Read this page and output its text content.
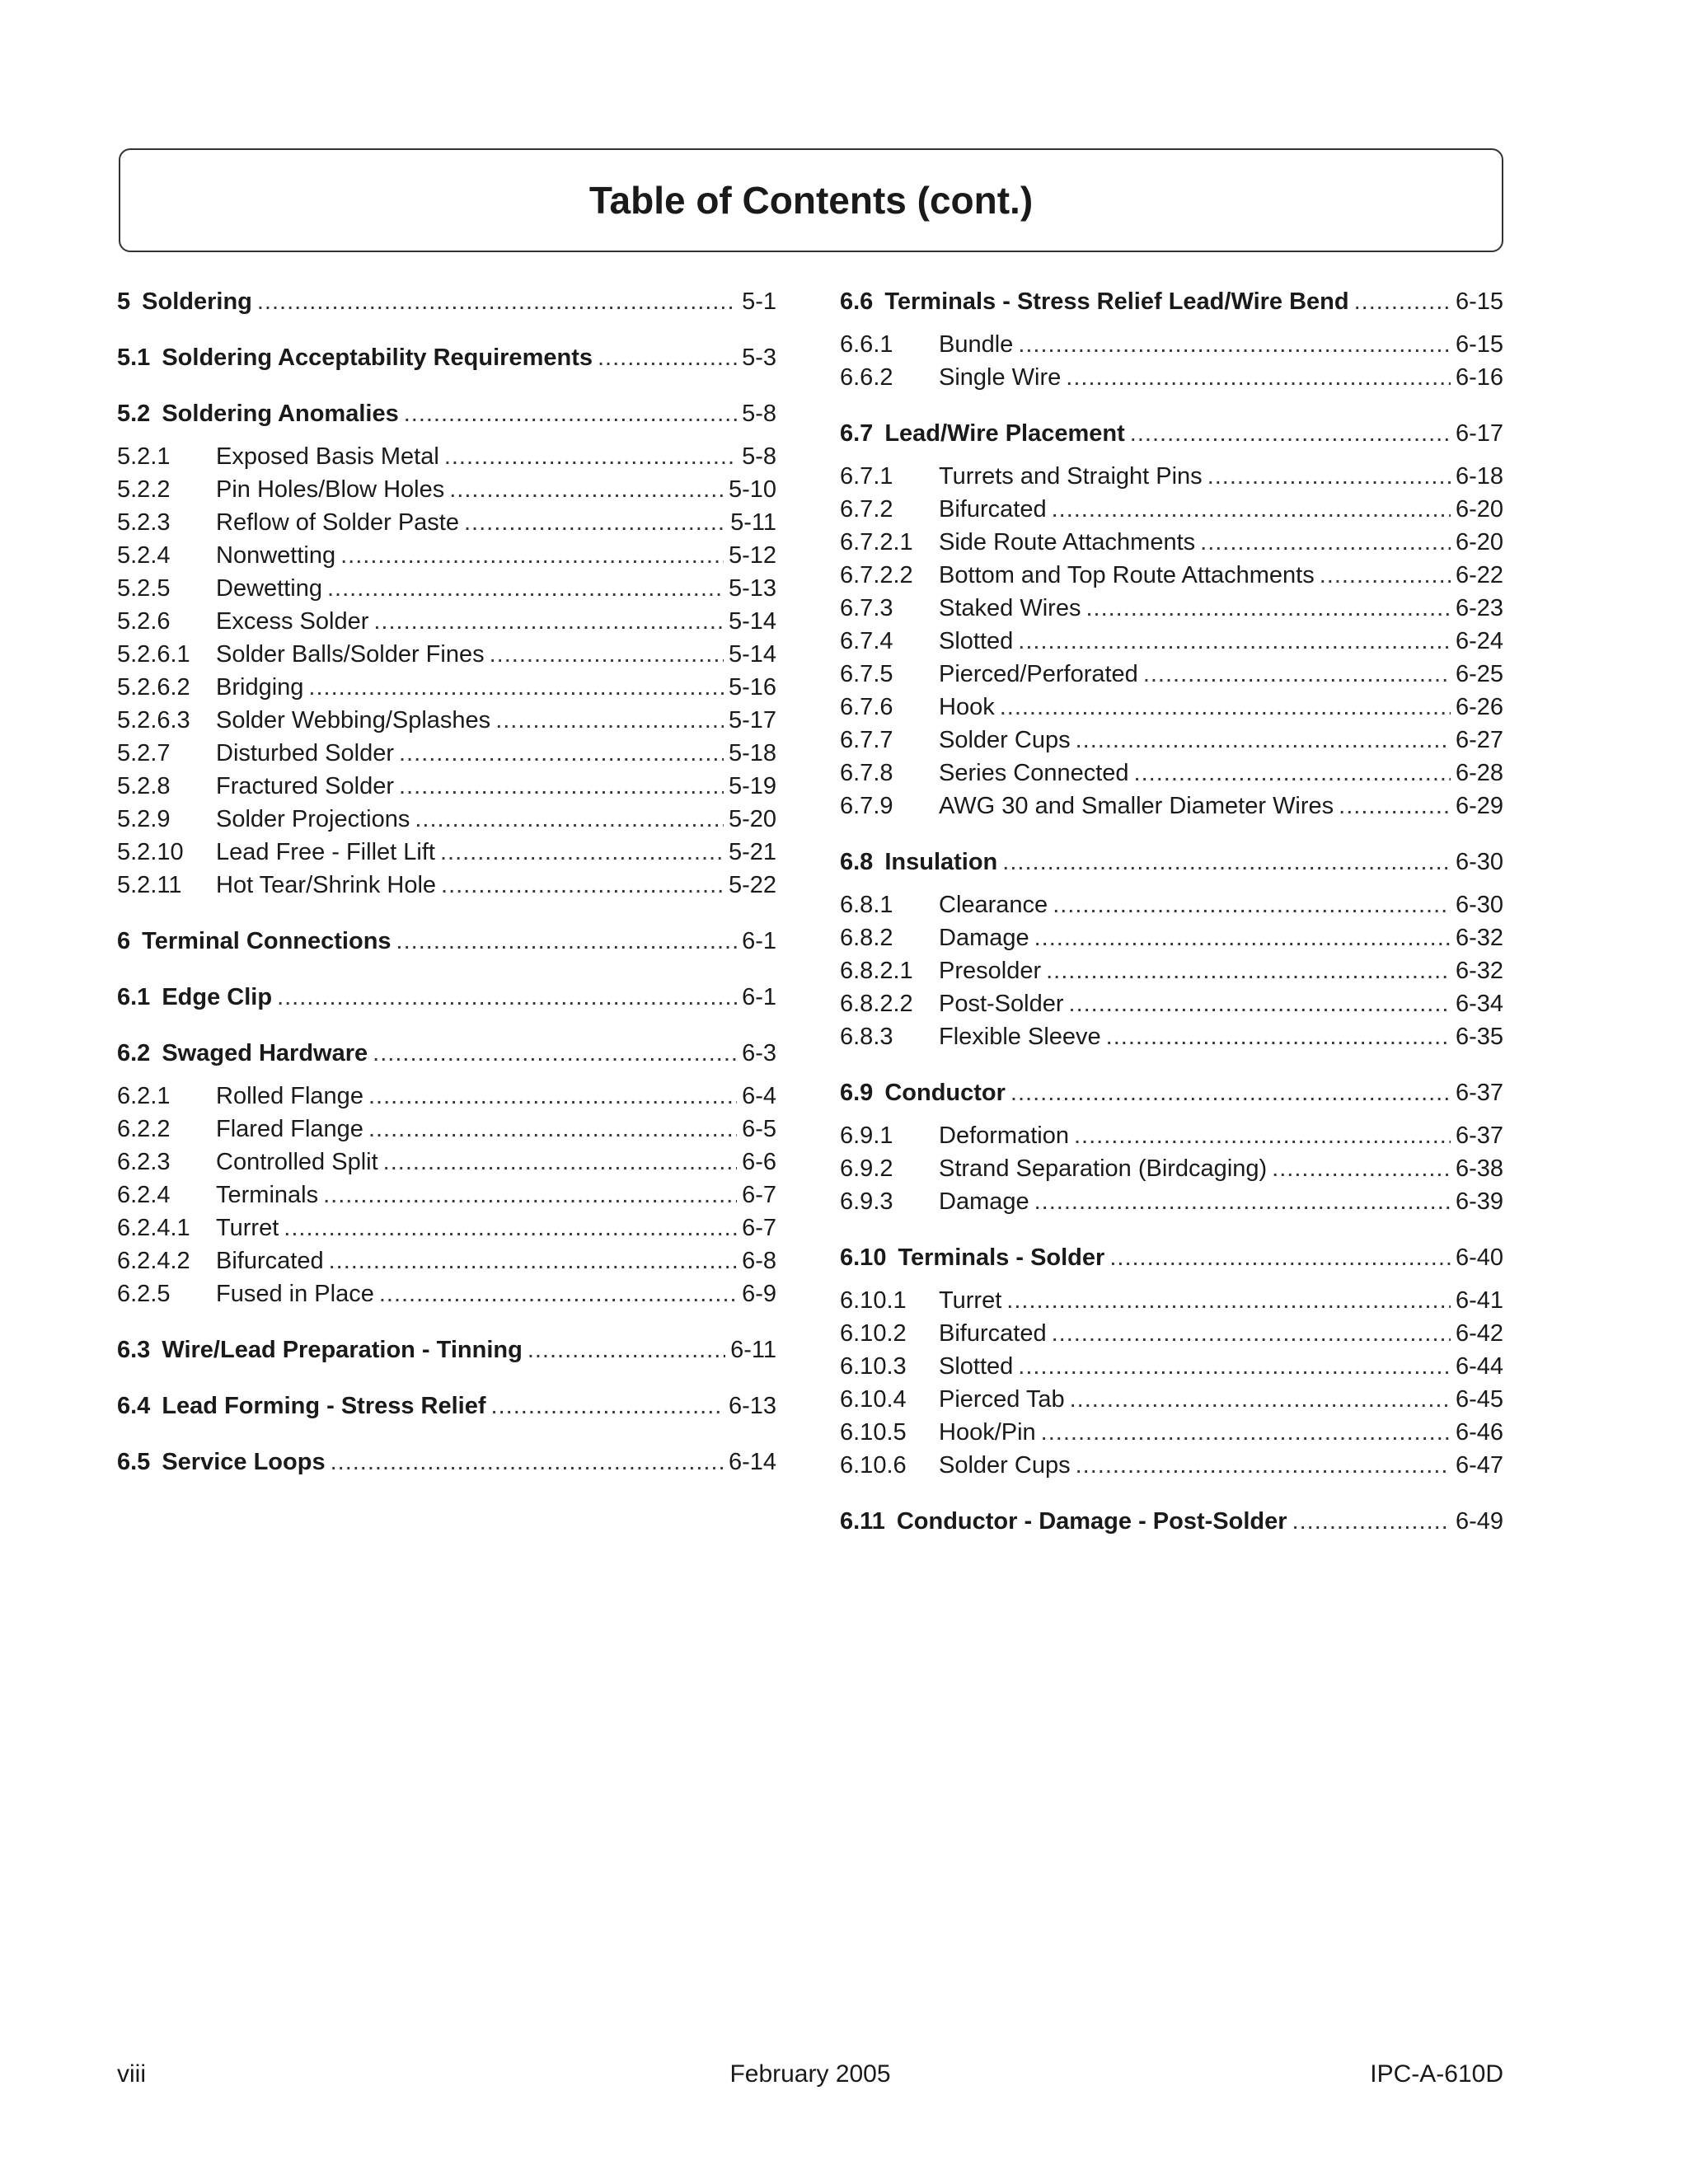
Table of Contents (cont.)
5 Soldering .....	5-1
5.1 Soldering Acceptability Requirements .....	5-3
5.2 Soldering Anomalies .....	5-8
5.2.1	Exposed Basis Metal .....	5-8
5.2.2	Pin Holes/Blow Holes .....	5-10
5.2.3	Reflow of Solder Paste .....	5-11
5.2.4	Nonwetting .....	5-12
5.2.5	Dewetting .....	5-13
5.2.6	Excess Solder .....	5-14
5.2.6.1	Solder Balls/Solder Fines .....	5-14
5.2.6.2	Bridging .....	5-16
5.2.6.3	Solder Webbing/Splashes .....	5-17
5.2.7	Disturbed Solder .....	5-18
5.2.8	Fractured Solder .....	5-19
5.2.9	Solder Projections .....	5-20
5.2.10	Lead Free - Fillet Lift .....	5-21
5.2.11	Hot Tear/Shrink Hole .....	5-22
6 Terminal Connections .....	6-1
6.1 Edge Clip .....	6-1
6.2 Swaged Hardware .....	6-3
6.2.1	Rolled Flange .....	6-4
6.2.2	Flared Flange .....	6-5
6.2.3	Controlled Split .....	6-6
6.2.4	Terminals .....	6-7
6.2.4.1	Turret .....	6-7
6.2.4.2	Bifurcated .....	6-8
6.2.5	Fused in Place .....	6-9
6.3 Wire/Lead Preparation - Tinning .....	6-11
6.4 Lead Forming - Stress Relief .....	6-13
6.5 Service Loops .....	6-14
6.6 Terminals - Stress Relief Lead/Wire Bend .....	6-15
6.6.1	Bundle .....	6-15
6.6.2	Single Wire .....	6-16
6.7 Lead/Wire Placement .....	6-17
6.7.1	Turrets and Straight Pins .....	6-18
6.7.2	Bifurcated .....	6-20
6.7.2.1	Side Route Attachments .....	6-20
6.7.2.2	Bottom and Top Route Attachments .....	6-22
6.7.3	Staked Wires .....	6-23
6.7.4	Slotted .....	6-24
6.7.5	Pierced/Perforated .....	6-25
6.7.6	Hook .....	6-26
6.7.7	Solder Cups .....	6-27
6.7.8	Series Connected .....	6-28
6.7.9	AWG 30 and Smaller Diameter Wires .....	6-29
6.8 Insulation .....	6-30
6.8.1	Clearance .....	6-30
6.8.2	Damage .....	6-32
6.8.2.1	Presolder .....	6-32
6.8.2.2	Post-Solder .....	6-34
6.8.3	Flexible Sleeve .....	6-35
6.9 Conductor .....	6-37
6.9.1	Deformation .....	6-37
6.9.2	Strand Separation (Birdcaging) .....	6-38
6.9.3	Damage .....	6-39
6.10 Terminals - Solder .....	6-40
6.10.1	Turret .....	6-41
6.10.2	Bifurcated .....	6-42
6.10.3	Slotted .....	6-44
6.10.4	Pierced Tab .....	6-45
6.10.5	Hook/Pin .....	6-46
6.10.6	Solder Cups .....	6-47
6.11 Conductor - Damage - Post-Solder .....	6-49
viii	February 2005	IPC-A-610D
